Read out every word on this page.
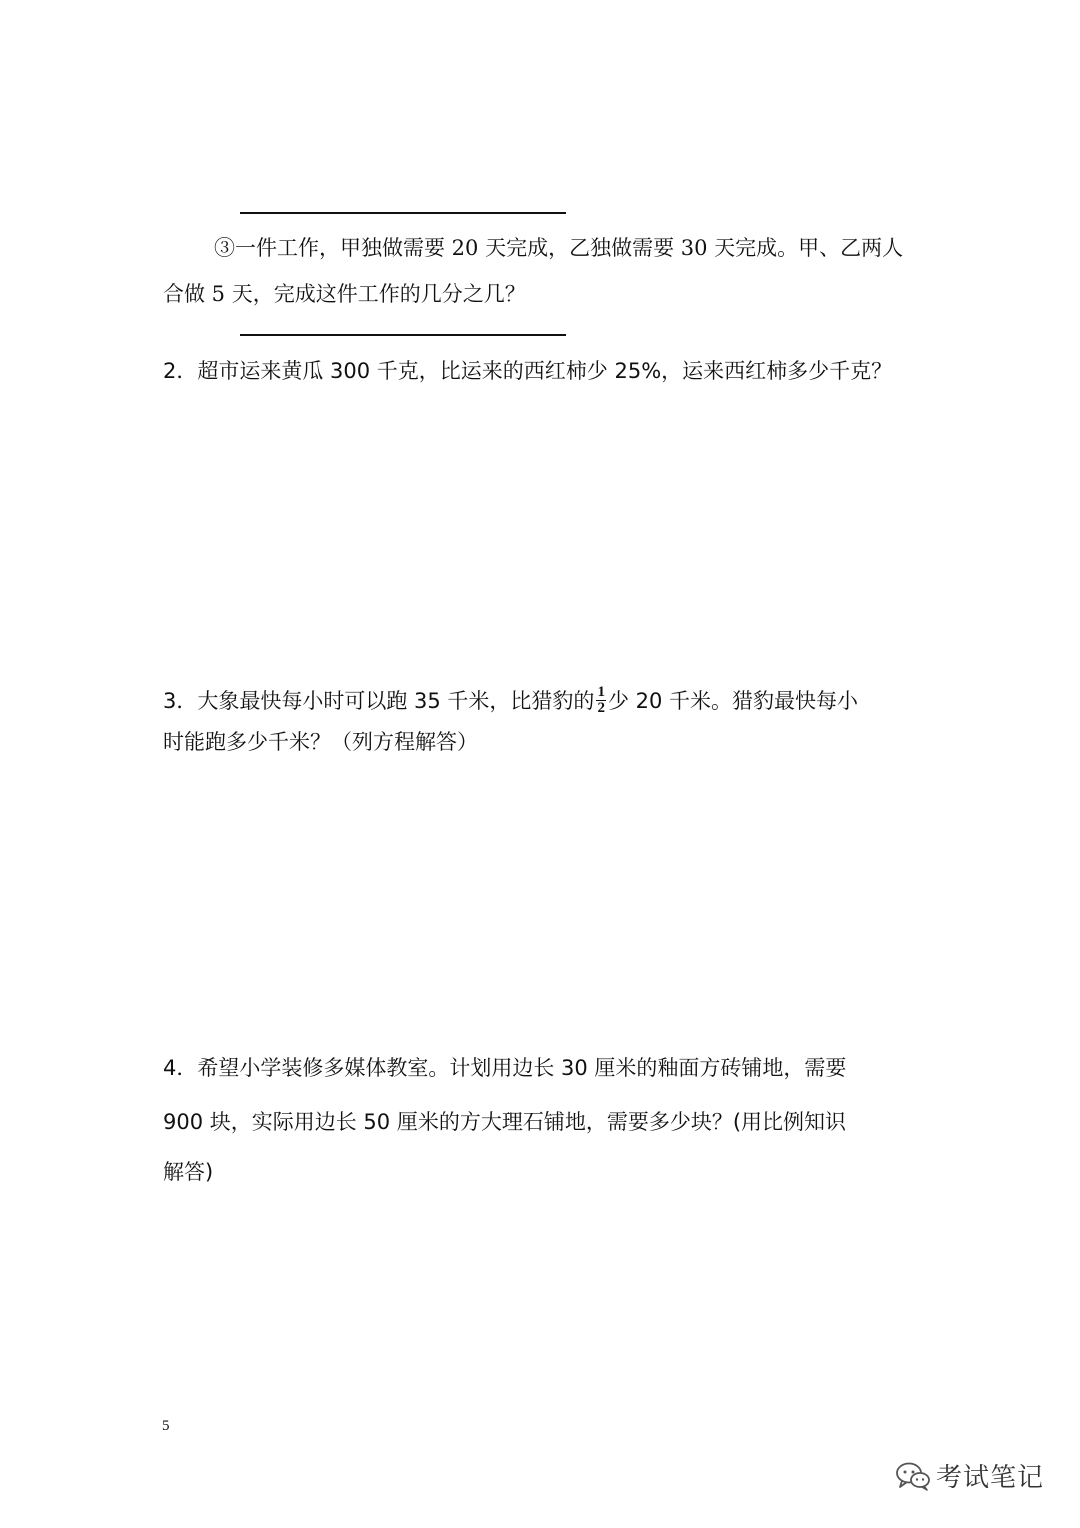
③一件工作，甲独做需要 20 天完成，乙独做需要 30 天完成。甲、乙两人
合做 5 天，完成这件工作的几分之几？
2．超市运来黄瓜 300 千克，比运来的西红柿少 25%，运来西红柿多少千克？
3．大象最快每小时可以跑 35 千米，比猎豹的 $\frac{1}{2}$ 少 20 千米。猎豹最快每小
时能跑多少千米？（列方程解答）
4．希望小学装修多媒体教室。计划用边长 30 厘米的釉面方砖铺地，需要
900 块，实际用边长 50 厘米的方大理石铺地，需要多少块？(用比例知识
解答)
5
考试笔记
